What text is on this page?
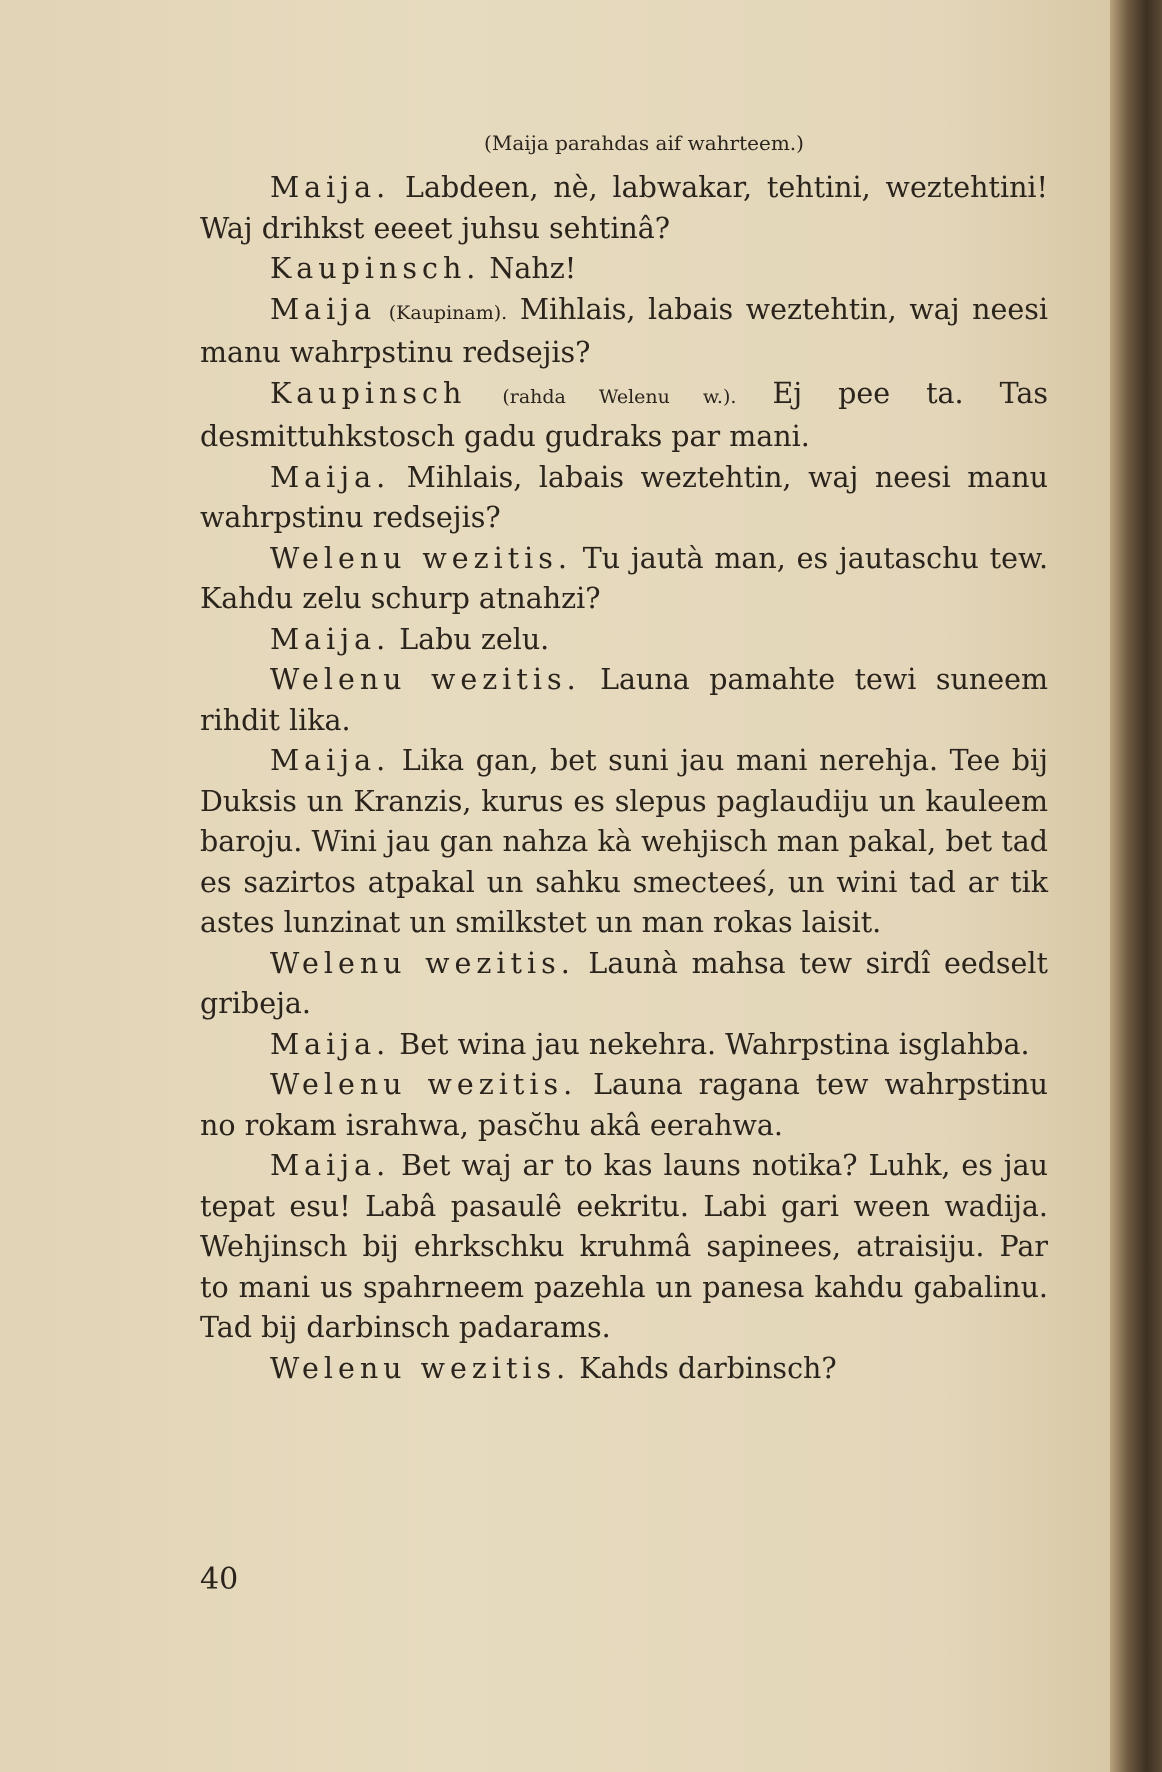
(Maija parahdas aif wahrteem.)
Maija. Labdeen, nè, labwakar, tehtini, weztehtini! Waj drihkst eeeet juhsu sehtinâ?
Kaupinsch. Nahz!
Maija (Kaupinam). Mihlais, labais weztehtin, waj neesi manu wahrpstinu redsejis?
Kaupinsch (rahda Welenu w.). Ej pee ta. Tas desmittuhkstosch gadu gudraks par mani.
Maija. Mihlais, labais weztehtin, waj neesi manu wahrpstinu redsejis?
Welenu wezitis. Tu jautà man, es jautaschu tew. Kahdu zelu schurp atnahzi?
Maija. Labu zelu.
Welenu wezitis. Launa pamahte tewi suneem rihdit lika.
Maija. Lika gan, bet suni jau mani nerehja. Tee bij Duksis un Kranzis, kurus es slepus paglaudiju un kauleem baroju. Wini jau gan nahza kà wehjisch man pakal, bet tad es sazirtos atpakal un sahku smecteeś, un wini tad ar tik astes lunzinat un smilkstet un man rokas laisit.
Welenu wezitis. Launà mahsa tew sirdî eedselt gribeja.
Maija. Bet wina jau nekehra. Wahrpstina isglahba.
Welenu wezitis. Launa ragana tew wahrpstinu no rokam israhwa, pasc̆hu akâ eerahwa.
Maija. Bet waj ar to kas launs notika? Luhk, es jau tepat esu! Labâ pasaulê eekritu. Labi gari ween wadija. Wehjinsch bij ehrkschku kruhmâ sapinees, atraisiju. Par to mani us spahrneem pazehla un panesa kahdu gabalinu. Tad bij darbinsch padarams.
Welenu wezitis. Kahds darbinsch?
40
